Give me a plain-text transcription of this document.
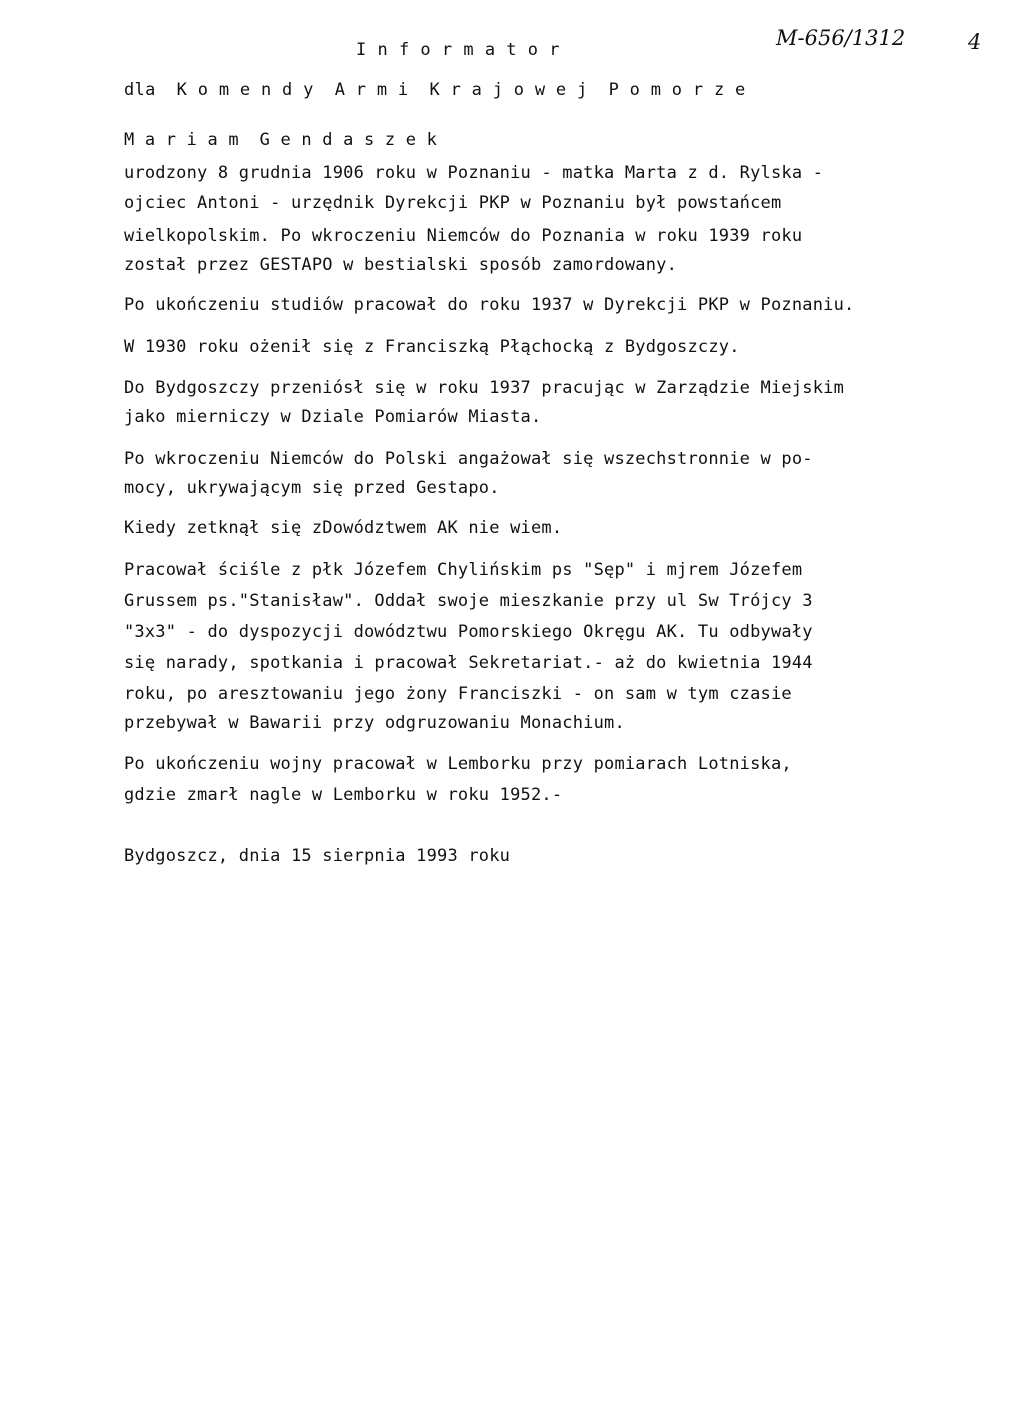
M-656/1312	4
I n f o r m a t o r
dla  K o m e n d y  A r m i  K r a j o w e j  P o m o r z e
M a r i a m  G e n d a s z e k
urodzony 8 grudnia 1906 roku w Poznaniu - matka Marta z d. Rylska -
ojciec Antoni - urzędnik Dyrekcji PKP w Poznaniu był powstańcem
wielkopolskim. Po wkroczeniu Niemców do Poznania w roku 1939 roku
został przez GESTAPO w bestialski sposób zamordowany.
Po ukończeniu studiów pracował do roku 1937 w Dyrekcji PKP w Poznaniu.
W 1930 roku ożenił się z Franciszką Płąchocką z Bydgoszczy.
Do Bydgoszczy przeniósł się w roku 1937 pracując w Zarządzie Miejskim
jako mierniczy w Dziale Pomiarów Miasta.
Po wkroczeniu Niemców do Polski angażował się wszechstronnie w po-
mocy, ukrywającym się przed Gestapo.
Kiedy zetknął się zDowództwem AK nie wiem.
Pracował ściśle z płk Józefem Chylińskim ps "Sęp" i mjrem Józefem
Grussem ps."Stanisław". Oddał swoje mieszkanie przy ul Sw Trójcy 3
"3x3" - do dyspozycji dowództwu Pomorskiego Okręgu AK. Tu odbywały
się narady, spotkania i pracował Sekretariat.- aż do kwietnia 1944
roku, po aresztowaniu jego żony Franciszki - on sam w tym czasie
przebywał w Bawarii przy odgruzowaniu Monachium.
Po ukończeniu wojny pracował w Lemborku przy pomiarach Lotniska,
gdzie zmarł nagle w Lemborku w roku 1952.-
Bydgoszcz, dnia 15 sierpnia 1993 roku
